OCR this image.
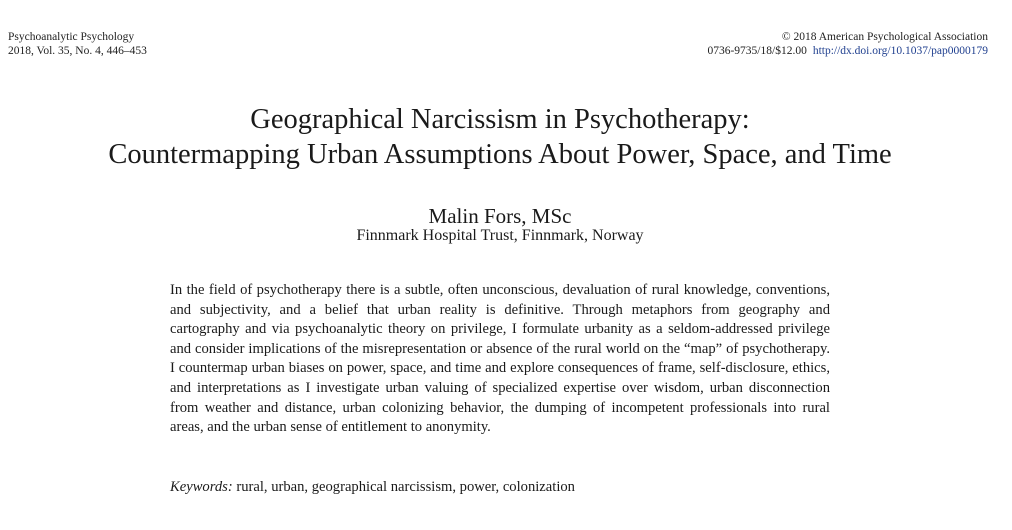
Psychoanalytic Psychology
2018, Vol. 35, No. 4, 446–453
© 2018 American Psychological Association
0736-9735/18/$12.00 http://dx.doi.org/10.1037/pap0000179
Geographical Narcissism in Psychotherapy:
Countermapping Urban Assumptions About Power, Space, and Time
Malin Fors, MSc
Finnmark Hospital Trust, Finnmark, Norway
In the field of psychotherapy there is a subtle, often unconscious, devaluation of rural knowledge, conventions, and subjectivity, and a belief that urban reality is definitive. Through metaphors from geography and cartography and via psychoanalytic theory on privilege, I formulate urbanity as a seldom-addressed privilege and consider implications of the misrepresentation or absence of the rural world on the “map” of psychotherapy. I countermap urban biases on power, space, and time and explore consequences of frame, self-disclosure, ethics, and interpretations as I investigate urban valuing of specialized expertise over wisdom, urban disconnection from weather and distance, urban colonizing behavior, the dumping of incompetent professionals into rural areas, and the urban sense of entitlement to anonymity.
Keywords: rural, urban, geographical narcissism, power, colonization
